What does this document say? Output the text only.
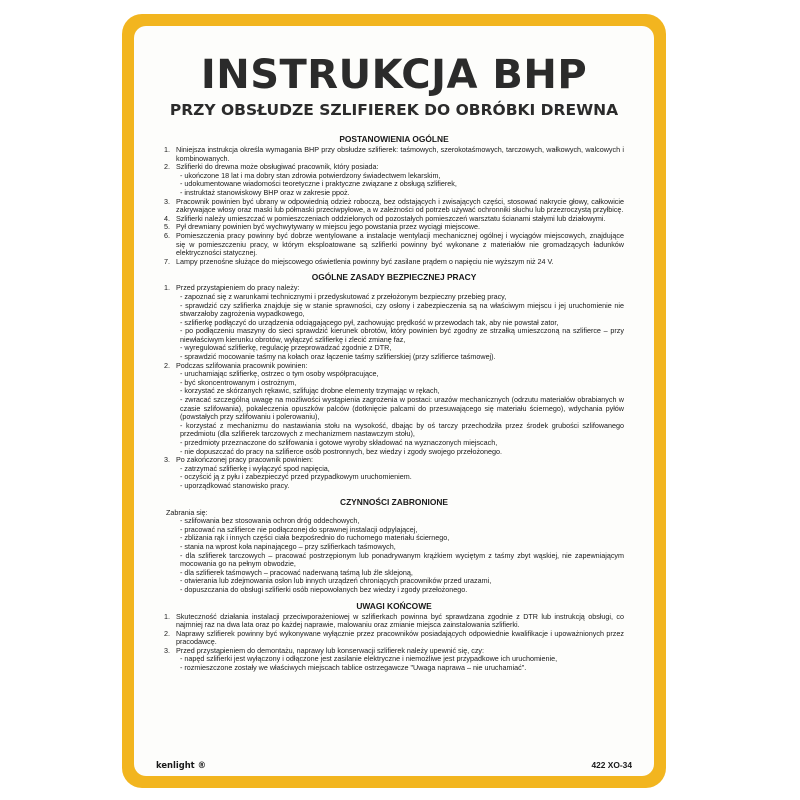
INSTRUKCJA BHP
PRZY OBSŁUDZE SZLIFIEREK DO OBRÓBKI DREWNA
POSTANOWIENIA OGÓLNE
1. Niniejsza instrukcja określa wymagania BHP przy obsłudze szlifierek: taśmowych, szerokotaśmowych, tarczowych, wałkowych, walcowych i kombinowanych.
2. Szlifierki do drewna może obsługiwać pracownik, który posiada:
- ukończone 18 lat i ma dobry stan zdrowia potwierdzony świadectwem lekarskim,
- udokumentowane wiadomości teoretyczne i praktyczne związane z obsługą szlifierek,
- instruktaż stanowiskowy BHP oraz w zakresie ppoż.
3. Pracownik powinien być ubrany w odpowiednią odzież roboczą, bez odstających i zwisających części, stosować nakrycie głowy, całkowicie zakrywające włosy oraz maski lub półmaski przeciwpyłowe, a w zależności od potrzeb używać ochronniki słuchu lub przezroczystą przyłbicę.
4. Szlifierki należy umieszczać w pomieszczeniach oddzielonych od pozostałych pomieszczeń warsztatu ścianami stałymi lub działowymi.
5. Pył drewniany powinien być wychwytywany w miejscu jego powstania przez wyciągi miejscowe.
6. Pomieszczenia pracy powinny być dobrze wentylowane a instalacje wentylacji mechanicznej ogólnej i wyciągów miejscowych, znajdujące się w pomieszczeniu pracy, w którym eksploatowane są szlifierki powinny być wykonane z materiałów nie gromadzących ładunków elektryczności statycznej.
7. Lampy przenośne służące do miejscowego oświetlenia powinny być zasilane prądem o napięciu nie wyższym niż 24 V.
OGÓLNE ZASADY BEZPIECZNEJ PRACY
1. Przed przystąpieniem do pracy należy:
- zapoznać się z warunkami technicznymi i przedyskutować z przełożonym bezpieczny przebieg pracy,
- sprawdzić czy szlifierka znajduje się w stanie sprawności, czy osłony i zabezpieczenia są na właściwym miejscu i jej uruchomienie nie stwarzałoby zagrożenia wypadkowego,
- szlifierkę podłączyć do urządzenia odciągającego pył, zachowując prędkość w przewodach tak, aby nie powstał zator,
- po podłączeniu maszyny do sieci sprawdzić kierunek obrotów, który powinien być zgodny ze strzałką umieszczoną na szlifierce – przy niewłaściwym kierunku obrotów, wyłączyć szlifierkę i zlecić zmianę faz,
- wyregulować szlifierkę, regulację przeprowadzać zgodnie z DTR,
- sprawdzić mocowanie taśmy na kołach oraz łączenie taśmy szlifierskiej (przy szlifierce taśmowej).
2. Podczas szlifowania pracownik powinien:
- uruchamiając szlifierkę, ostrzec o tym osoby współpracujące,
- być skoncentrowanym i ostrożnym,
- korzystać ze skórzanych rękawic, szlifując drobne elementy trzymając w rękach,
- zwracać szczególną uwagę na możliwości wystąpienia zagrożenia w postaci: urazów mechanicznych (odrzutu materiałów obrabianych w czasie szlifowania), pokaleczenia opuszków palców (dotknięcie palcami do przesuwającego się materiału ściernego), wdychania pyłów (powstałych przy szlifowaniu i polerowaniu),
- korzystać z mechanizmu do nastawiania stołu na wysokość, dbając by oś tarczy przechodziła przez środek grubości szlifowanego przedmiotu (dla szlifierek tarczowych z mechanizmem nastawczym stołu),
- przedmioty przeznaczone do szlifowania i gotowe wyroby składować na wyznaczonych miejscach,
- nie dopuszczać do pracy na szlifierce osób postronnych, bez wiedzy i zgody swojego przełożonego.
3. Po zakończonej pracy pracownik powinien:
- zatrzymać szlifierkę i wyłączyć spod napięcia,
- oczyścić ją z pyłu i zabezpieczyć przed przypadkowym uruchomieniem.
- uporządkować stanowisko pracy.
CZYNNOŚCI ZABRONIONE
Zabrania się:
- szlifowania bez stosowania ochron dróg oddechowych,
- pracować na szlifierce nie podłączonej do sprawnej instalacji odpylającej,
- zbliżania rąk i innych części ciała bezpośrednio do ruchomego materiału ściernego,
- stania na wprost koła napinającego – przy szlifierkach taśmowych,
- dla szlifierek tarczowych – pracować postrzępionym lub ponadrywanym krążkiem wyciętym z taśmy zbyt wąskiej, nie zapewniającym mocowania go na pełnym obwodzie,
- dla szlifierek taśmowych – pracować naderwaną taśmą lub źle sklejoną,
- otwierania lub zdejmowania osłon lub innych urządzeń chroniących pracowników przed urazami,
- dopuszczania do obsługi szlifierki osób niepowołanych bez wiedzy i zgody przełożonego.
UWAGI KOŃCOWE
1. Skuteczność działania instalacji przeciwporażeniowej w szlifierkach powinna być sprawdzana zgodnie z DTR lub instrukcją obsługi, co najmniej raz na dwa lata oraz po każdej naprawie, malowaniu oraz zmianie miejsca zainstalowania szlifierki.
2. Naprawy szlifierek powinny być wykonywane wyłącznie przez pracowników posiadających odpowiednie kwalifikacje i upoważnionych przez pracodawcę.
3. Przed przystąpieniem do demontażu, naprawy lub konserwacji szlifierek należy upewnić się, czy:
- napęd szlifierki jest wyłączony i odłączone jest zasilanie elektryczne i niemożliwe jest przypadkowe ich uruchomienie,
- rozmieszczone zostały we właściwych miejscach tablice ostrzegawcze "Uwaga naprawa – nie uruchamiać".
kenlight ®	422 XO-34
